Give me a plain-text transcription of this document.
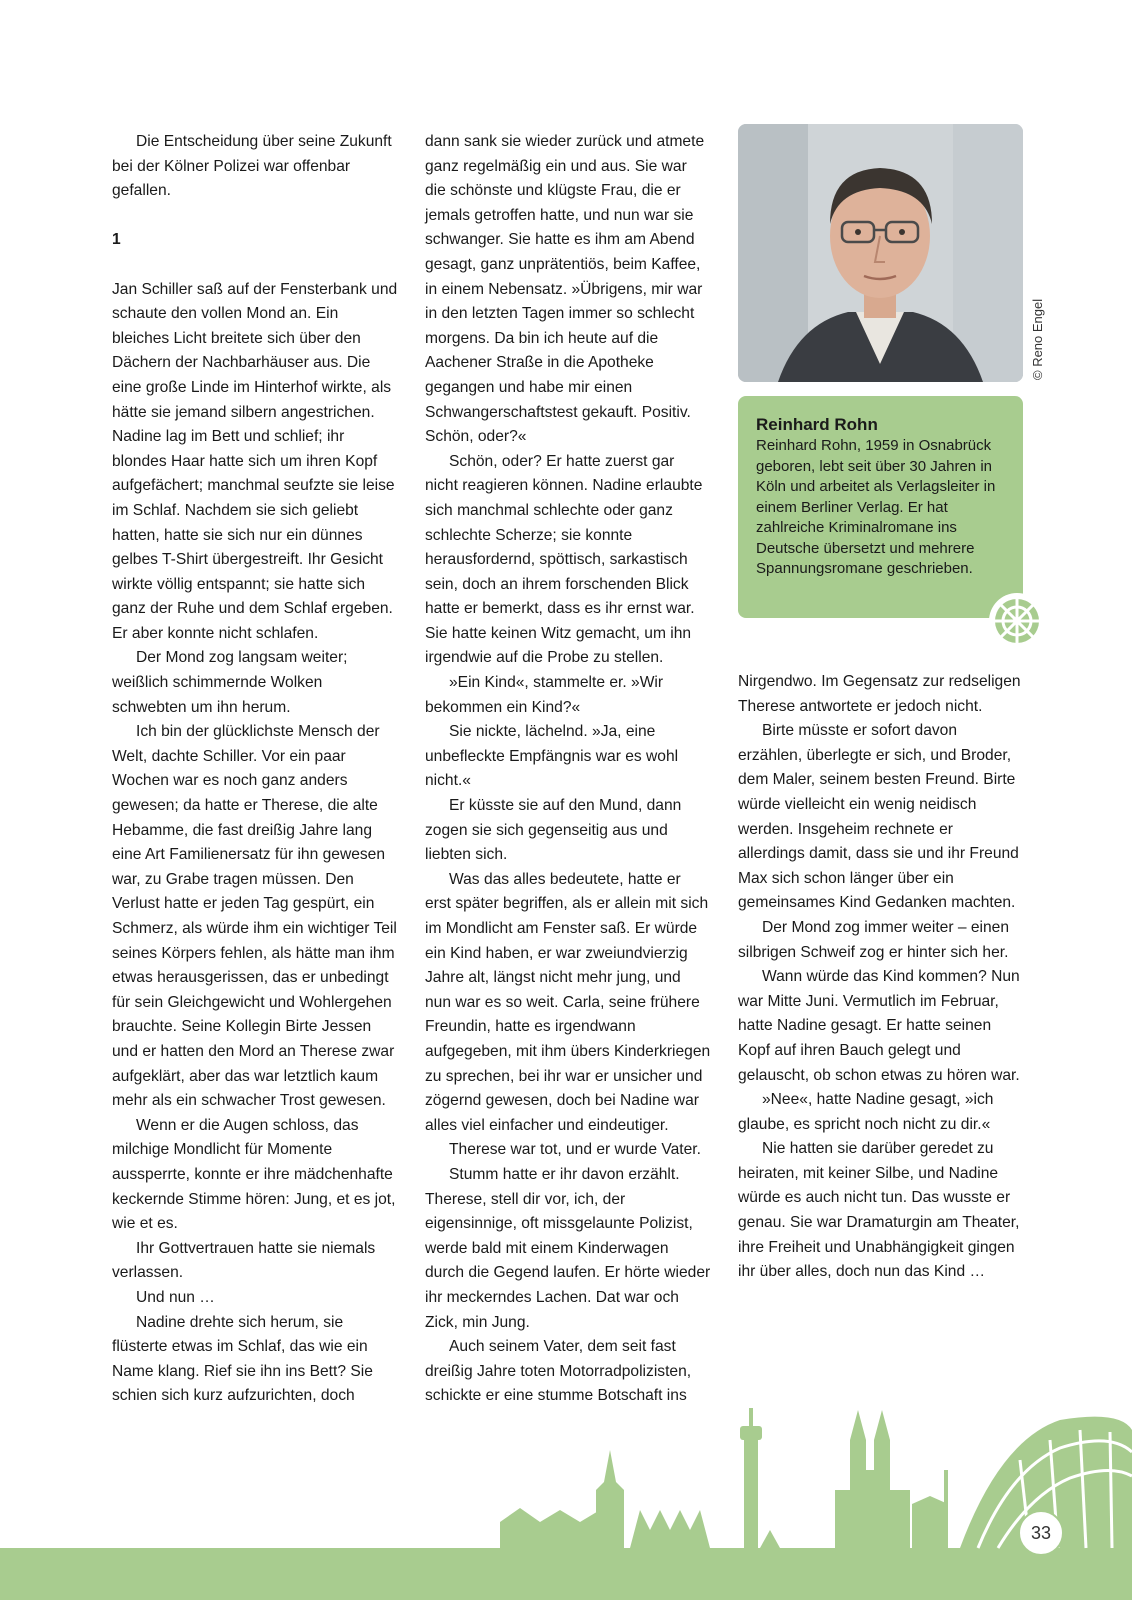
Die Entscheidung über seine Zukunft bei der Kölner Polizei war offenbar gefallen.

1

Jan Schiller saß auf der Fensterbank und schaute den vollen Mond an. Ein bleiches Licht breitete sich über den Dächern der Nachbarhäuser aus. Die eine große Linde im Hinterhof wirkte, als hätte sie jemand silbern angestrichen. Nadine lag im Bett und schlief; ihr blondes Haar hatte sich um ihren Kopf aufgefächert; manchmal seufzte sie leise im Schlaf. Nachdem sie sich geliebt hatten, hatte sie sich nur ein dünnes gelbes T-Shirt übergestreift. Ihr Gesicht wirkte völlig entspannt; sie hatte sich ganz der Ruhe und dem Schlaf ergeben. Er aber konnte nicht schlafen.

Der Mond zog langsam weiter; weißlich schimmernde Wolken schwebten um ihn herum.

Ich bin der glücklichste Mensch der Welt, dachte Schiller. Vor ein paar Wochen war es noch ganz anders gewesen; da hatte er Therese, die alte Hebamme, die fast dreißig Jahre lang eine Art Familienersatz für ihn gewesen war, zu Grabe tragen müssen. Den Verlust hatte er jeden Tag gespürt, ein Schmerz, als würde ihm ein wichtiger Teil seines Körpers fehlen, als hätte man ihm etwas herausgerissen, das er unbedingt für sein Gleichgewicht und Wohlergehen brauchte. Seine Kollegin Birte Jessen und er hatten den Mord an Therese zwar aufgeklärt, aber das war letztlich kaum mehr als ein schwacher Trost gewesen.

Wenn er die Augen schloss, das milchige Mondlicht für Momente aussperrte, konnte er ihre mädchenhafte keckernde Stimme hören: Jung, et es jot, wie et es.

Ihr Gottvertrauen hatte sie niemals verlassen.

Und nun …

Nadine drehte sich herum, sie flüsterte etwas im Schlaf, das wie ein Name klang. Rief sie ihn ins Bett? Sie schien sich kurz aufzurichten, doch

dann sank sie wieder zurück und atmete ganz regelmäßig ein und aus. Sie war die schönste und klügste Frau, die er jemals getroffen hatte, und nun war sie schwanger. Sie hatte es ihm am Abend gesagt, ganz unprätentiös, beim Kaffee, in einem Nebensatz. »Übrigens, mir war in den letzten Tagen immer so schlecht morgens. Da bin ich heute auf die Aachener Straße in die Apotheke gegangen und habe mir einen Schwangerschaftstest gekauft. Positiv. Schön, oder?«

Schön, oder? Er hatte zuerst gar nicht reagieren können. Nadine erlaubte sich manchmal schlechte oder ganz schlechte Scherze; sie konnte herausfordernd, spöttisch, sarkastisch sein, doch an ihrem forschenden Blick hatte er bemerkt, dass es ihr ernst war. Sie hatte keinen Witz gemacht, um ihn irgendwie auf die Probe zu stellen.

»Ein Kind«, stammelte er. »Wir bekommen ein Kind?«

Sie nickte, lächelnd. »Ja, eine unbefleckte Empfängnis war es wohl nicht.«

Er küsste sie auf den Mund, dann zogen sie sich gegenseitig aus und liebten sich.

Was das alles bedeutete, hatte er erst später begriffen, als er allein mit sich im Mondlicht am Fenster saß. Er würde ein Kind haben, er war zweiundvierzig Jahre alt, längst nicht mehr jung, und nun war es so weit. Carla, seine frühere Freundin, hatte es irgendwann aufgegeben, mit ihm übers Kinderkriegen zu sprechen, bei ihr war er unsicher und zögernd gewesen, doch bei Nadine war alles viel einfacher und eindeutiger.

Therese war tot, und er wurde Vater.

Stumm hatte er ihr davon erzählt. Therese, stell dir vor, ich, der eigensinnige, oft missgelaunte Polizist, werde bald mit einem Kinderwagen durch die Gegend laufen. Er hörte wieder ihr meckerndes Lachen. Dat war och Zick, min Jung.

Auch seinem Vater, dem seit fast dreißig Jahre toten Motorradpolizisten, schickte er eine stumme Botschaft ins

© Reno Engel
Reinhard Rohn
Reinhard Rohn, 1959 in Osnabrück geboren, lebt seit über 30 Jahren in Köln und arbeitet als Verlagsleiter in einem Berliner Verlag. Er hat zahlreiche Kriminalromane ins Deutsche übersetzt und mehrere Spannungsromane geschrieben.

Nirgendwo. Im Gegensatz zur redseligen Therese antwortete er jedoch nicht.

Birte müsste er sofort davon erzählen, überlegte er sich, und Broder, dem Maler, seinem besten Freund. Birte würde vielleicht ein wenig neidisch werden. Insgeheim rechnete er allerdings damit, dass sie und ihr Freund Max sich schon länger über ein gemeinsames Kind Gedanken machten.

Der Mond zog immer weiter – einen silbrigen Schweif zog er hinter sich her.

Wann würde das Kind kommen? Nun war Mitte Juni. Vermutlich im Februar, hatte Nadine gesagt. Er hatte seinen Kopf auf ihren Bauch gelegt und gelauscht, ob schon etwas zu hören war.

»Nee«, hatte Nadine gesagt, »ich glaube, es spricht noch nicht zu dir.«

Nie hatten sie darüber geredet zu heiraten, mit keiner Silbe, und Nadine würde es auch nicht tun. Das wusste er genau. Sie war Dramaturgin am Theater, ihre Freiheit und Unabhängigkeit gingen ihr über alles, doch nun das Kind …

33
